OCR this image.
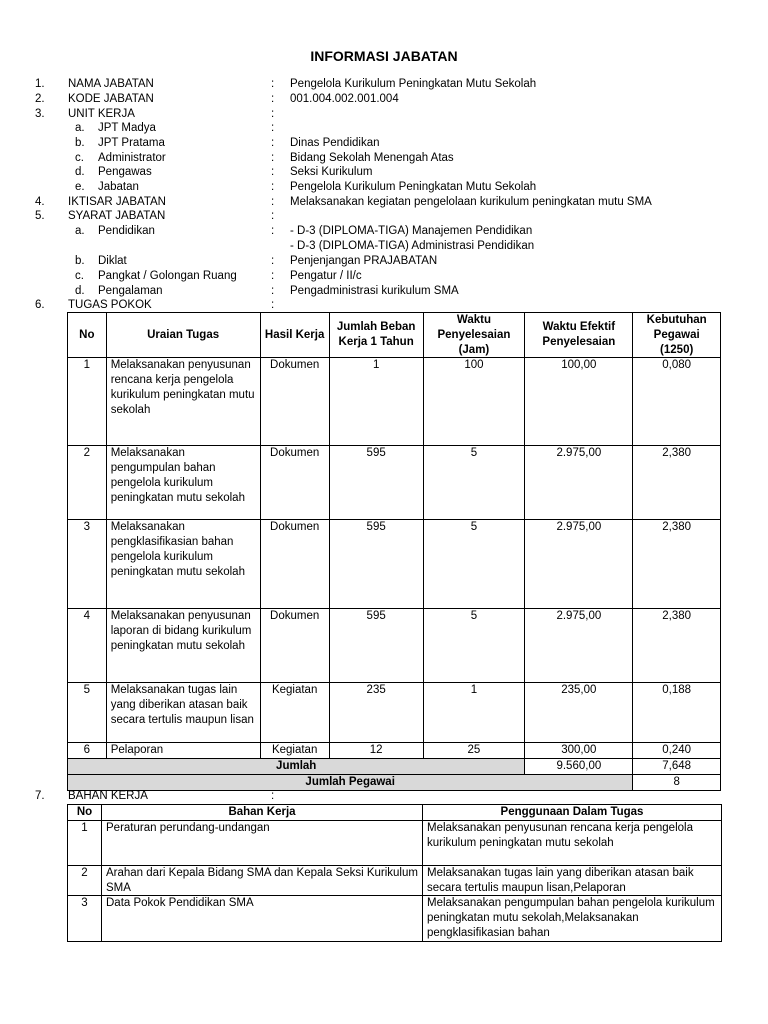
INFORMASI JABATAN
1. NAMA JABATAN	: Pengelola Kurikulum Peningkatan Mutu Sekolah
2. KODE JABATAN	: 001.004.002.001.004
3. UNIT KERJA	:
a. JPT Madya	:
b. JPT Pratama	: Dinas Pendidikan
c. Administrator	: Bidang Sekolah Menengah Atas
d. Pengawas	: Seksi Kurikulum
e. Jabatan	: Pengelola Kurikulum Peningkatan Mutu Sekolah
4. IKTISAR JABATAN	: Melaksanakan kegiatan pengelolaan kurikulum peningkatan mutu SMA
5. SYARAT JABATAN	:
a. Pendidikan	: - D-3 (DIPLOMA-TIGA) Manajemen Pendidikan
- D-3 (DIPLOMA-TIGA) Administrasi Pendidikan
b. Diklat	: Penjenjangan PRAJABATAN
c. Pangkat / Golongan Ruang	: Pengatur / II/c
d. Pengalaman	: Pengadministrasi kurikulum SMA
6. TUGAS POKOK	:
No	Uraian Tugas	Hasil Kerja	Jumlah Beban Kerja 1 Tahun	Waktu Penyelesaian (Jam)	Waktu Efektif Penyelesaian	Kebutuhan Pegawai (1250)
1	Melaksanakan penyusunan rencana kerja pengelola kurikulum peningkatan mutu sekolah	Dokumen	1	100	100,00	0,080
2	Melaksanakan pengumpulan bahan pengelola kurikulum peningkatan mutu sekolah	Dokumen	595	5	2.975,00	2,380
3	Melaksanakan pengklasifikasian bahan pengelola kurikulum peningkatan mutu sekolah	Dokumen	595	5	2.975,00	2,380
4	Melaksanakan penyusunan laporan di bidang kurikulum peningkatan mutu sekolah	Dokumen	595	5	2.975,00	2,380
5	Melaksanakan tugas lain yang diberikan atasan baik secara tertulis maupun lisan	Kegiatan	235	1	235,00	0,188
6	Pelaporan	Kegiatan	12	25	300,00	0,240
Jumlah					9.560,00	7,648
Jumlah Pegawai						8
7. BAHAN KERJA	:
No	Bahan Kerja	Penggunaan Dalam Tugas
1	Peraturan perundang-undangan	Melaksanakan penyusunan rencana kerja pengelola kurikulum peningkatan mutu sekolah
2	Arahan dari Kepala Bidang SMA dan Kepala Seksi Kurikulum SMA	Melaksanakan tugas lain yang diberikan atasan baik secara tertulis maupun lisan,Pelaporan
3	Data Pokok Pendidikan SMA	Melaksanakan pengumpulan bahan pengelola kurikulum peningkatan mutu sekolah,Melaksanakan pengklasifikasian bahan
